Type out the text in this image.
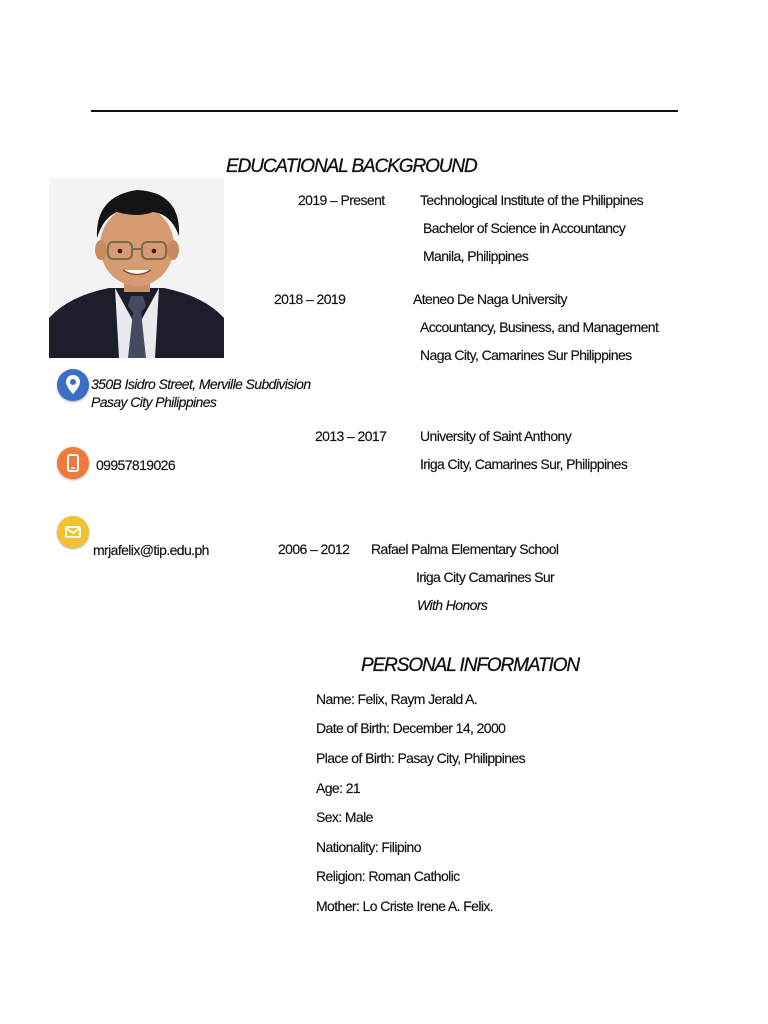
350B Isidro Street, Merville Subdivision
Pasay City Philippines
09957819026
mrjafelix@tip.edu.ph
EDUCATIONAL BACKGROUND
2019 – Present	Technological Institute of the Philippines
Bachelor of Science in Accountancy
Manila, Philippines
2018 – 2019	Ateneo De Naga University
Accountancy, Business, and Management
Naga City, Camarines Sur Philippines
2013 – 2017 University of Saint Anthony
Iriga City, Camarines Sur, Philippines
2006 – 2012 Rafael Palma Elementary School
Iriga City Camarines Sur
With Honors
PERSONAL INFORMATION
Name: Felix, Raym Jerald A.
Date of Birth: December 14, 2000
Place of Birth: Pasay City, Philippines
Age: 21
Sex: Male
Nationality: Filipino
Religion: Roman Catholic
Mother: Lo Criste Irene A. Felix.
